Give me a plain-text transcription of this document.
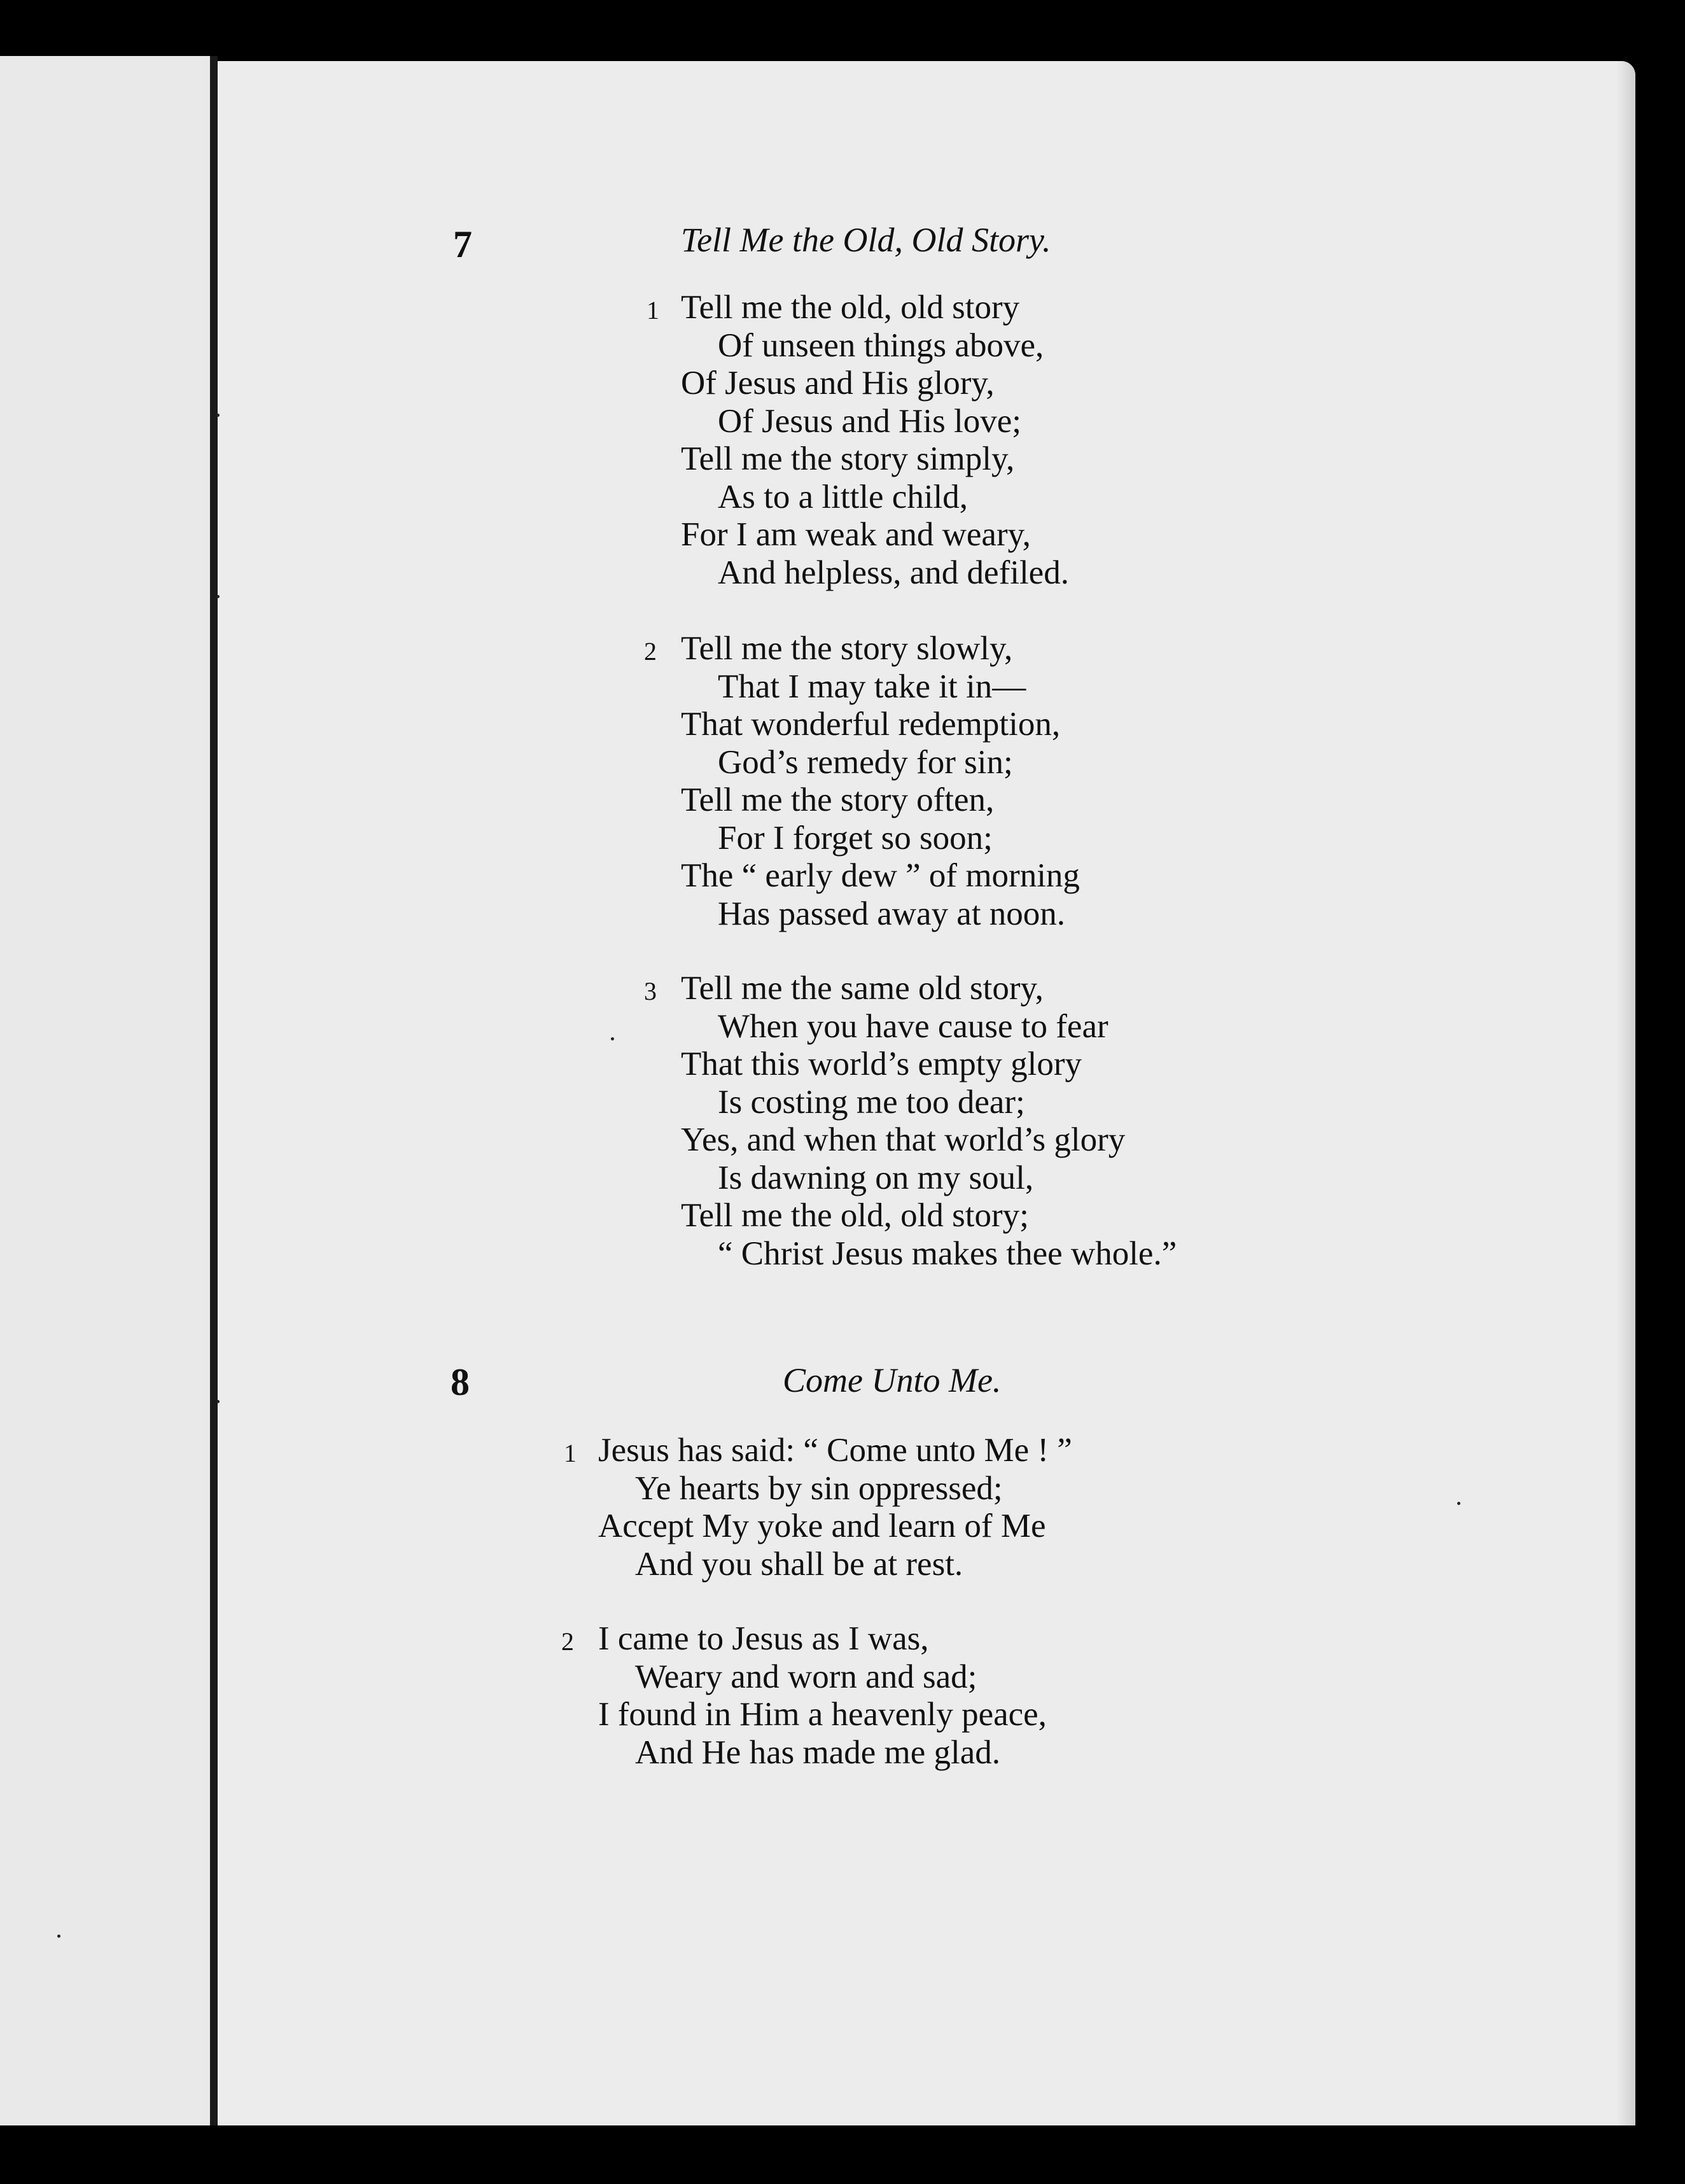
7	Tell Me the Old, Old Story.
1 Tell me the old, old story
Of unseen things above,
Of Jesus and His glory,
Of Jesus and His love;
Tell me the story simply,
As to a little child,
For I am weak and weary,
And helpless, and defiled.
2 Tell me the story slowly,
That I may take it in—
That wonderful redemption,
God’s remedy for sin;
Tell me the story often,
For I forget so soon;
The “ early dew ” of morning
Has passed away at noon.
3 Tell me the same old story,
When you have cause to fear
That this world’s empty glory
Is costing me too dear;
Yes, and when that world’s glory
Is dawning on my soul,
Tell me the old, old story;
“ Christ Jesus makes thee whole.”
8	Come Unto Me.
1 Jesus has said: “ Come unto Me ! ”
Ye hearts by sin oppressed;
Accept My yoke and learn of Me
And you shall be at rest.
2 I came to Jesus as I was,
Weary and worn and sad;
I found in Him a heavenly peace,
And He has made me glad.
